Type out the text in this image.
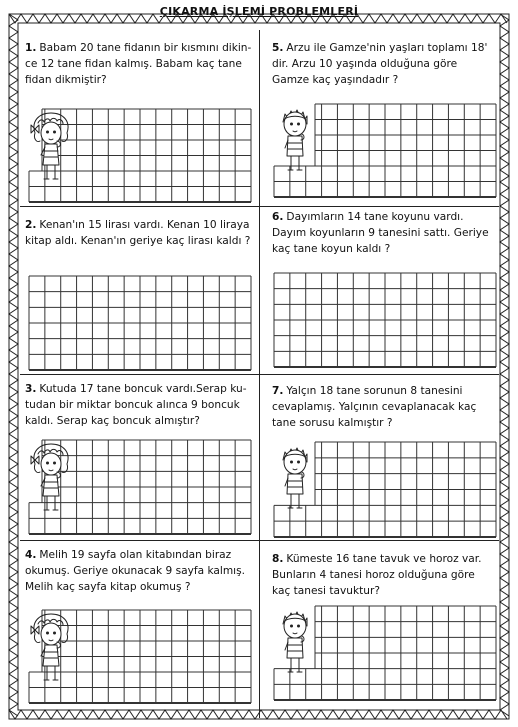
ÇIKARMA İŞLEMİ PROBLEMLERİ
1. Babam 20 tane fidanın bir kısmını dikince 12 tane fidan kalmış. Babam kaç tane fidan dikmiştir?
2. Kenan'ın 15 lirası vardı. Kenan 10 liraya kitap aldı. Kenan'ın geriye kaç lirası kaldı ?
3. Kutuda 17 tane boncuk vardı.Serap kutudan bir miktar boncuk alınca 9 boncuk kaldı. Serap kaç boncuk almıştır?
4. Melih 19 sayfa olan kitabından biraz okumuş. Geriye okunacak 9 sayfa kalmış. Melih kaç sayfa kitap okumuş ?
5. Arzu ile Gamze'nin yaşları toplamı 18' dir. Arzu 10 yaşında olduğuna göre Gamze kaç yaşındadır ?
6. Dayımların 14 tane koyunu vardı. Dayım koyunların 9 tanesini sattı. Geriye kaç tane koyun kaldı ?
7. Yalçın 18 tane sorunun 8 tanesini cevaplamış. Yalçının cevaplanacak kaç tane sorusu kalmıştır ?
8. Kümeste 16 tane tavuk ve horoz var. Bunların 4 tanesi horoz olduğuna göre kaç tanesi tavuktur?
